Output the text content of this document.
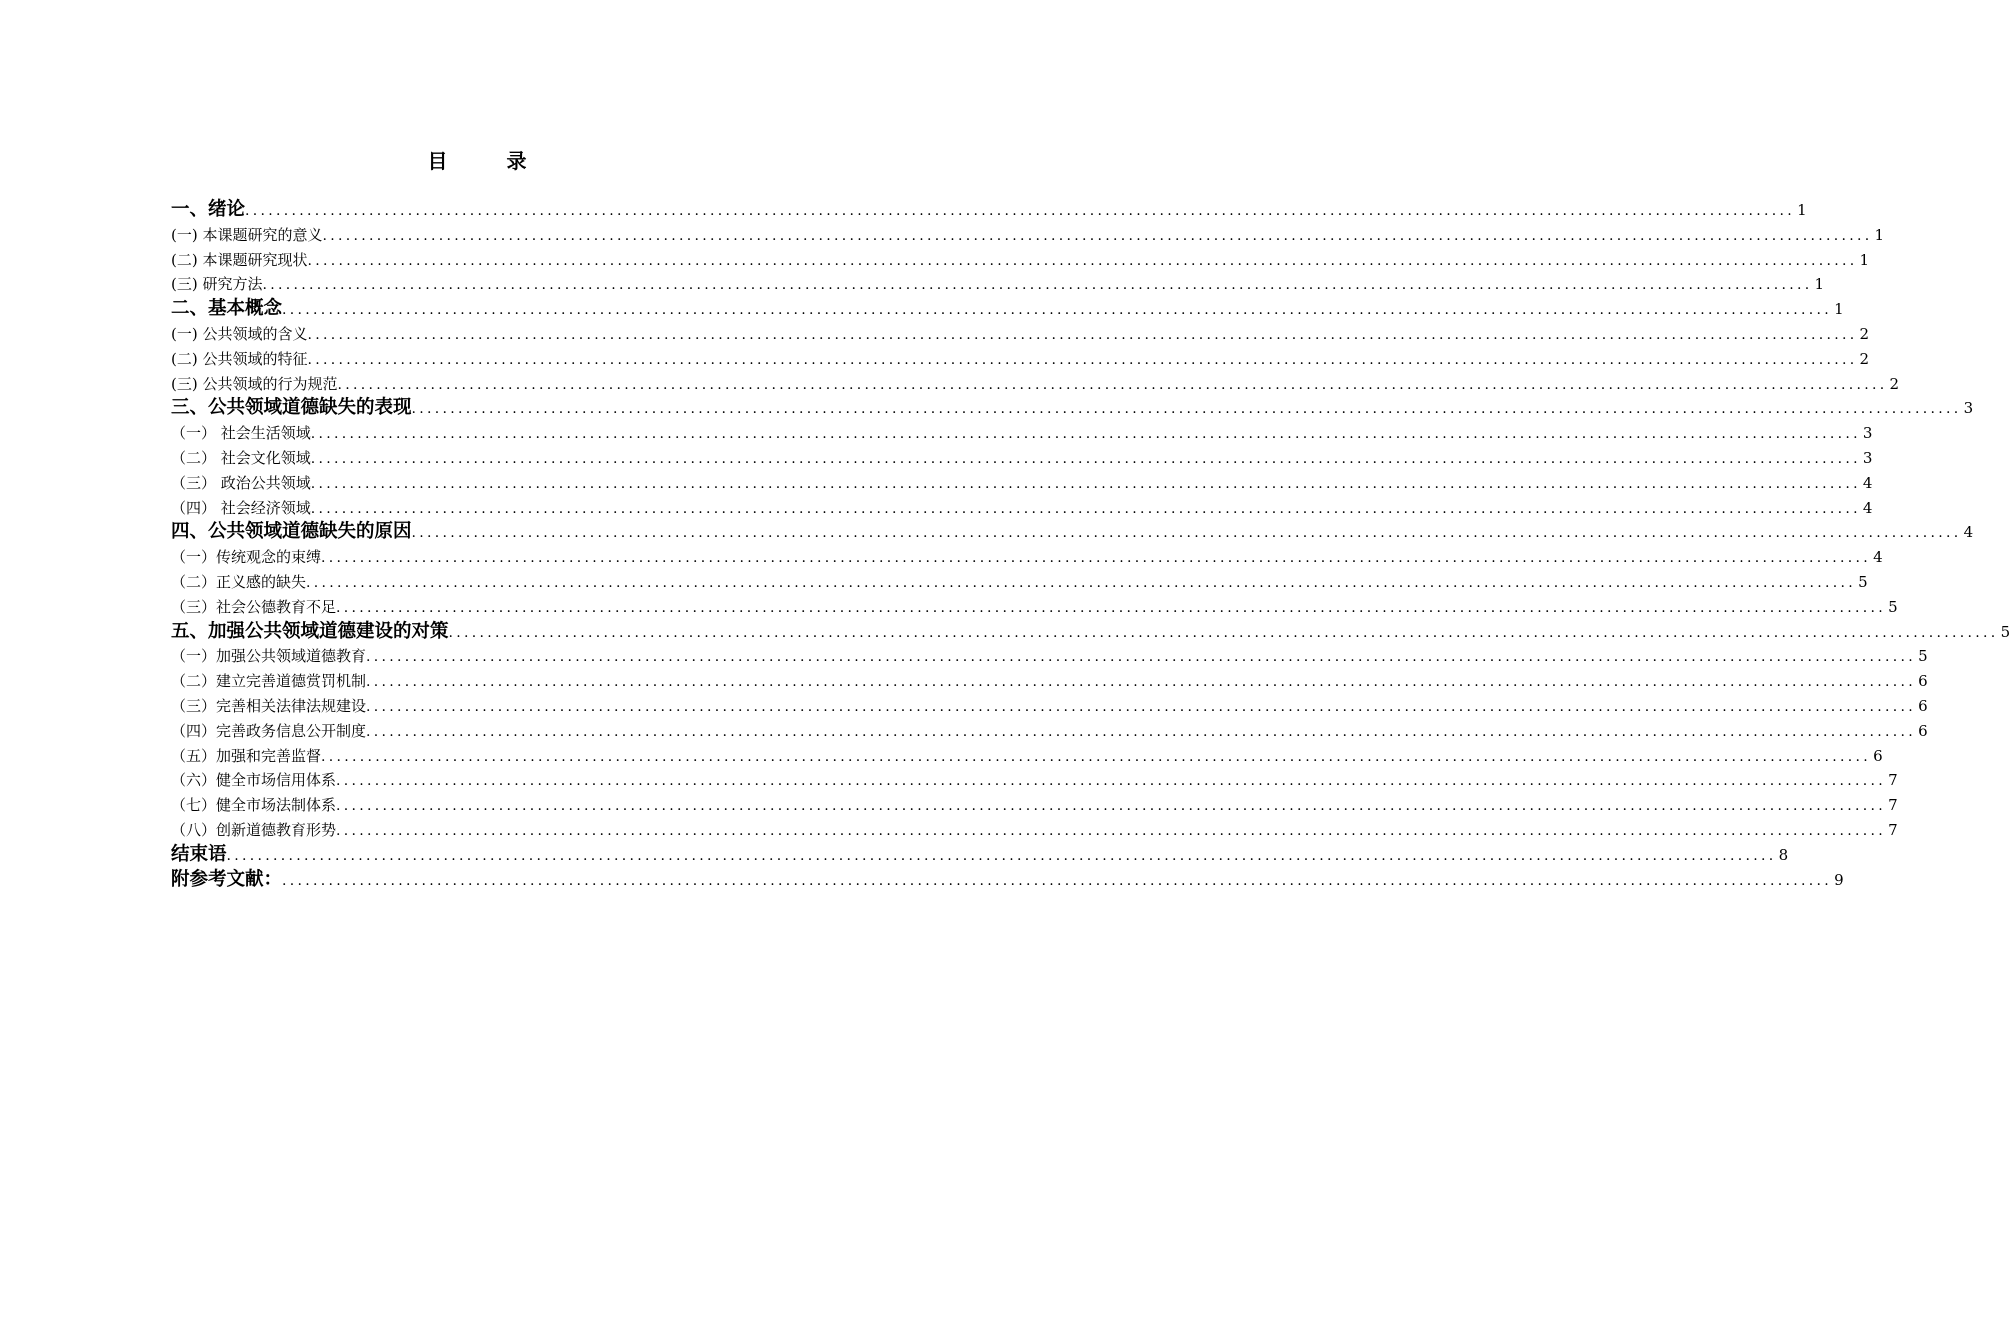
目 录
一、绪论 ........................................................................................................................................................................................................ 1
(一) 本课题研究的意义 ........................................................................................................................................................................................................ 1
(二) 本课题研究现状 ........................................................................................................................................................................................................ 1
(三) 研究方法 ........................................................................................................................................................................................................ 1
二、基本概念 ........................................................................................................................................................................................................ 1
(一) 公共领域的含义 ........................................................................................................................................................................................................ 2
(二) 公共领域的特征 ........................................................................................................................................................................................................ 2
(三) 公共领域的行为规范 ........................................................................................................................................................................................................ 2
三、公共领域道德缺失的表现 ........................................................................................................................................................................................................ 3
（一） 社会生活领域 ........................................................................................................................................................................................................ 3
（二） 社会文化领域 ........................................................................................................................................................................................................ 3
（三） 政治公共领域 ........................................................................................................................................................................................................ 4
（四） 社会经济领域 ........................................................................................................................................................................................................ 4
四、公共领域道德缺失的原因 ........................................................................................................................................................................................................ 4
（一）传统观念的束缚 ........................................................................................................................................................................................................ 4
（二）正义感的缺失 ........................................................................................................................................................................................................ 5
（三）社会公德教育不足 ........................................................................................................................................................................................................ 5
五、加强公共领域道德建设的对策 ........................................................................................................................................................................................................ 5
（一）加强公共领域道德教育 ........................................................................................................................................................................................................ 5
（二）建立完善道德赏罚机制 ........................................................................................................................................................................................................ 6
（三）完善相关法律法规建设 ........................................................................................................................................................................................................ 6
（四）完善政务信息公开制度 ........................................................................................................................................................................................................ 6
（五）加强和完善监督 ........................................................................................................................................................................................................ 6
（六）健全市场信用体系 ........................................................................................................................................................................................................ 7
（七）健全市场法制体系 ........................................................................................................................................................................................................ 7
（八）创新道德教育形势 ........................................................................................................................................................................................................ 7
结束语 ........................................................................................................................................................................................................ 8
附参考文献： ........................................................................................................................................................................................................ 9
